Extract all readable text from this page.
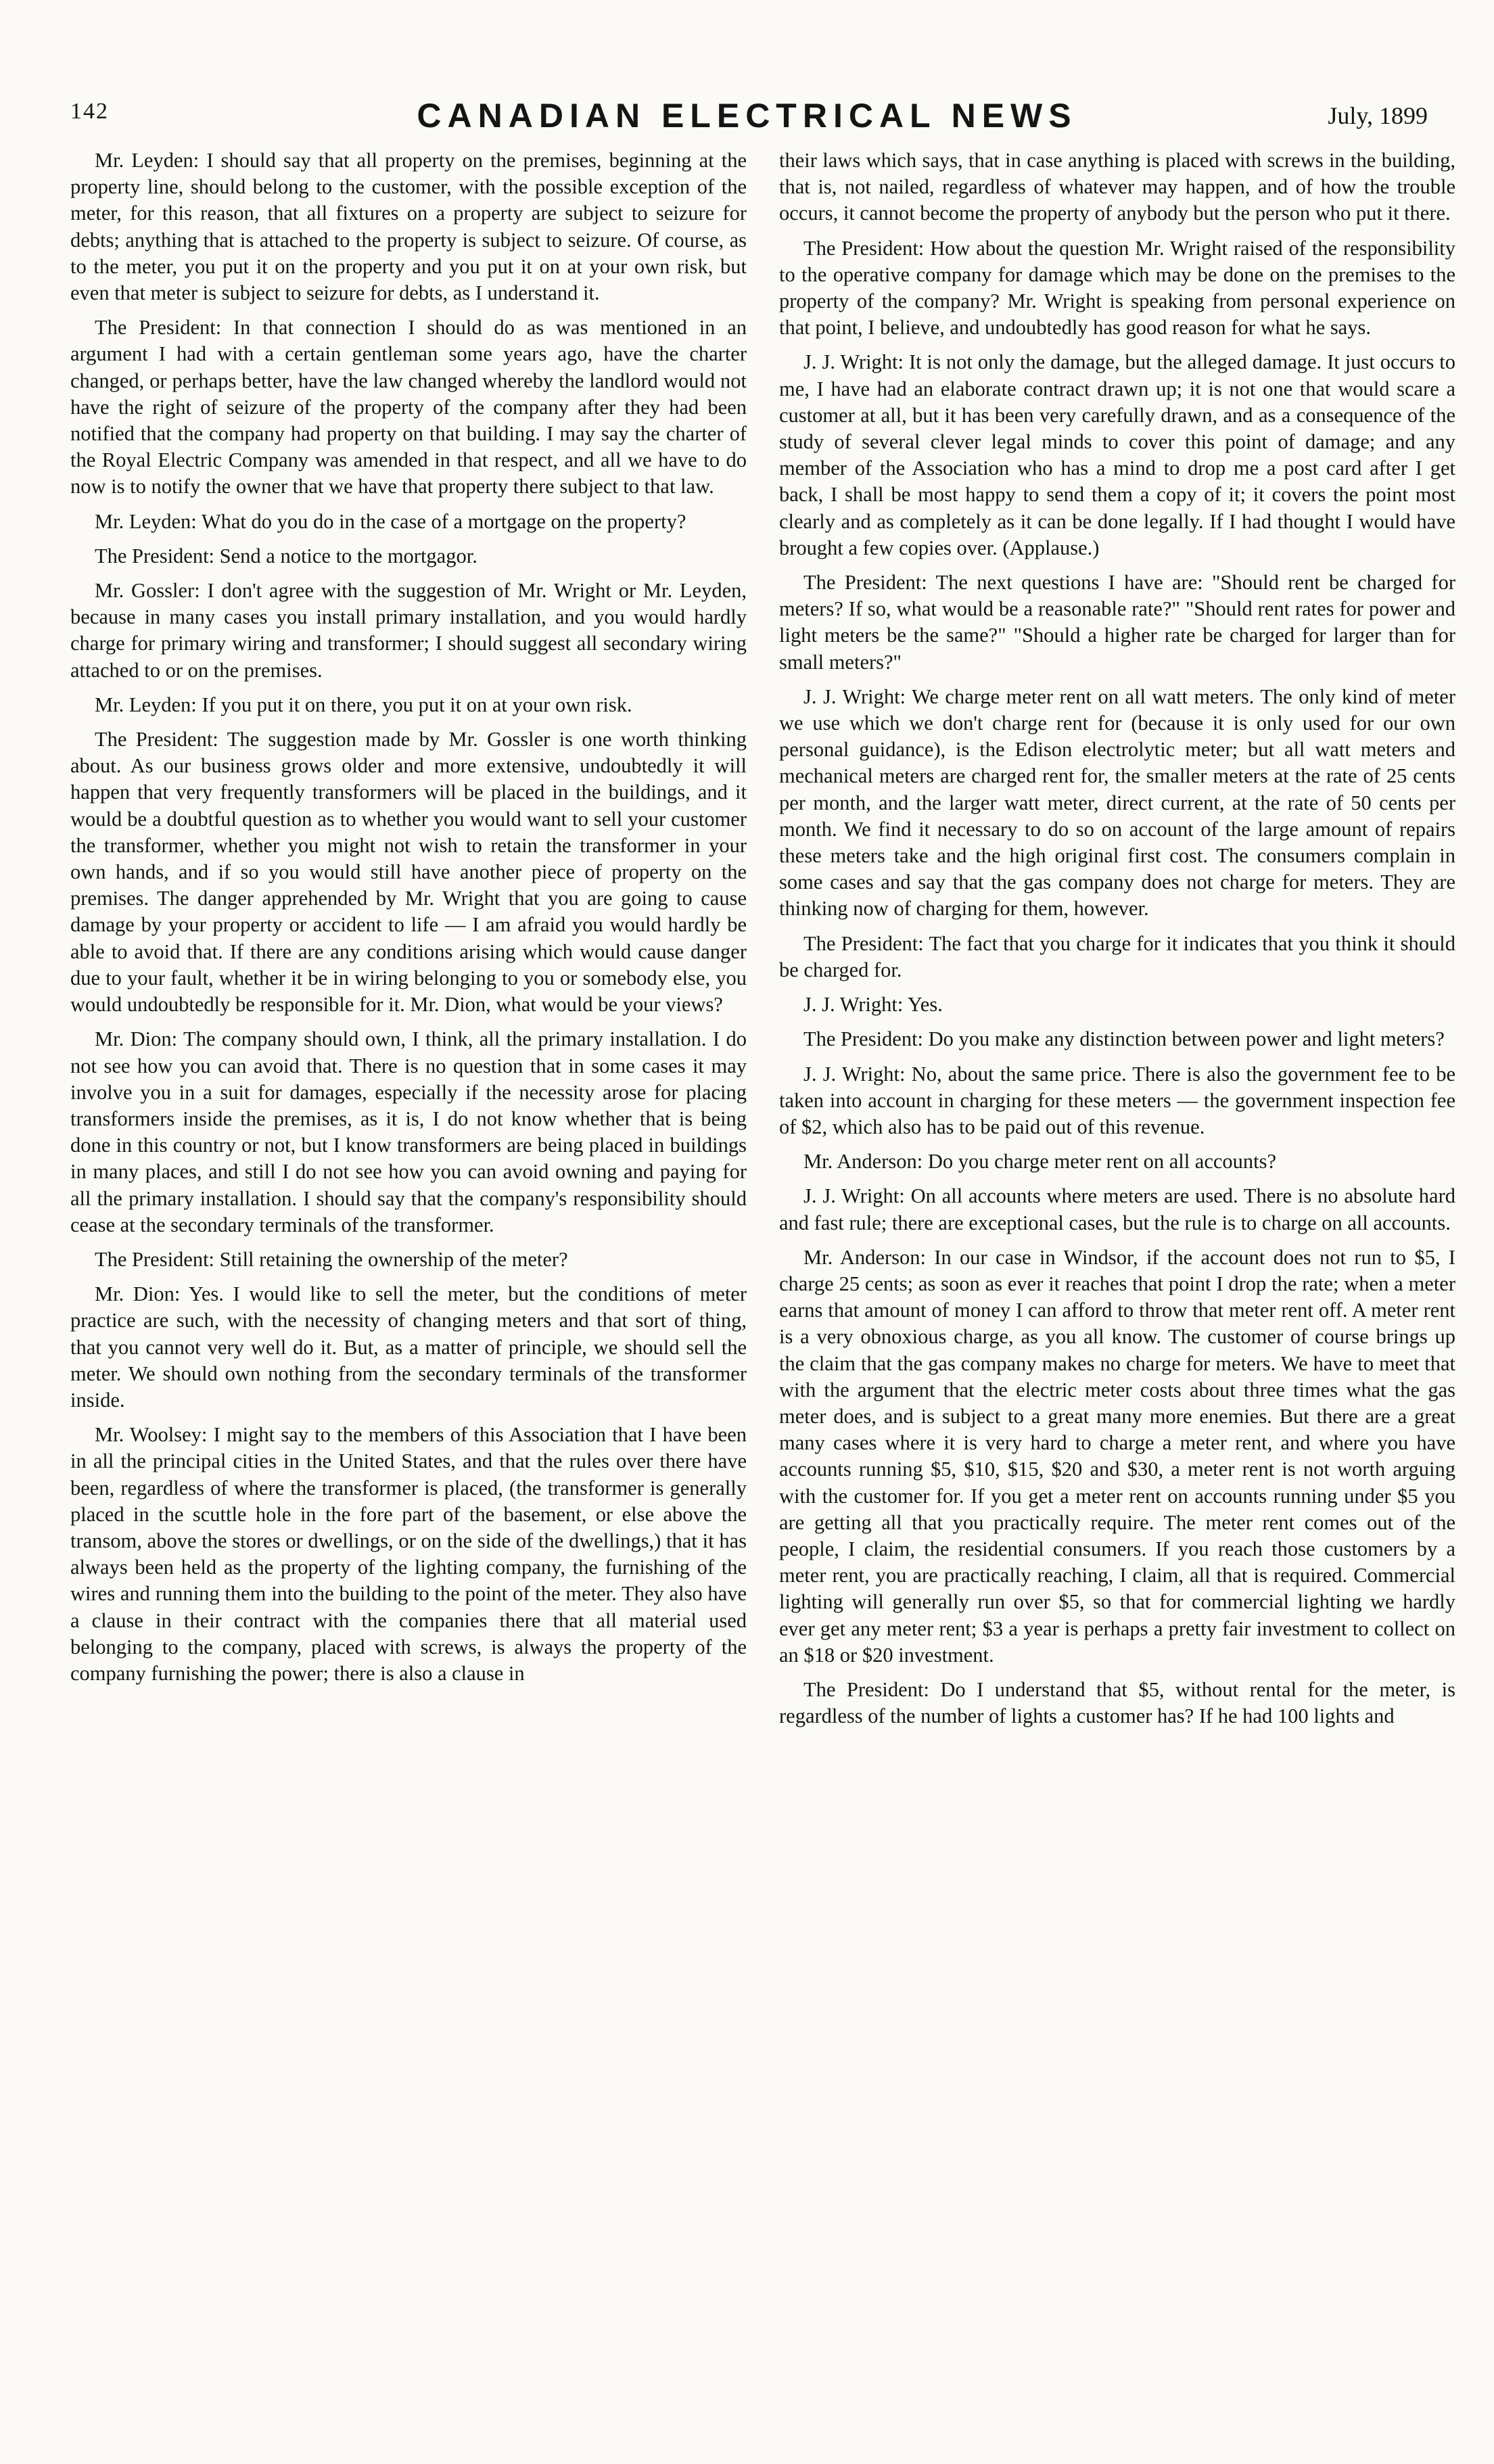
142	CANADIAN ELECTRICAL NEWS	July, 1899

Mr. Leyden: I should say that all property on the premises, beginning at the property line, should belong to the customer, with the possible exception of the meter, for this reason, that all fixtures on a property are subject to seizure for debts; anything that is attached to the property is subject to seizure. Of course, as to the meter, you put it on the property and you put it on at your own risk, but even that meter is subject to seizure for debts, as I understand it.

The President: In that connection I should do as was mentioned in an argument I had with a certain gentleman some years ago, have the charter changed, or perhaps better, have the law changed whereby the landlord would not have the right of seizure of the property of the company after they had been notified that the company had property on that building. I may say the charter of the Royal Electric Company was amended in that respect, and all we have to do now is to notify the owner that we have that property there subject to that law.

Mr. Leyden: What do you do in the case of a mortgage on the property?

The President: Send a notice to the mortgagor.

Mr. Gossler: I don't agree with the suggestion of Mr. Wright or Mr. Leyden, because in many cases you install primary installation, and you would hardly charge for primary wiring and transformer; I should suggest all secondary wiring attached to or on the premises.

Mr. Leyden: If you put it on there, you put it on at your own risk.

The President: The suggestion made by Mr. Gossler is one worth thinking about. As our business grows older and more extensive, undoubtedly it will happen that very frequently transformers will be placed in the buildings, and it would be a doubtful question as to whether you would want to sell your customer the transformer, whether you might not wish to retain the transformer in your own hands, and if so you would still have another piece of property on the premises. The danger apprehended by Mr. Wright that you are going to cause damage by your property or accident to life — I am afraid you would hardly be able to avoid that. If there are any conditions arising which would cause danger due to your fault, whether it be in wiring belonging to you or somebody else, you would undoubtedly be responsible for it. Mr. Dion, what would be your views?

Mr. Dion: The company should own, I think, all the primary installation. I do not see how you can avoid that. There is no question that in some cases it may involve you in a suit for damages, especially if the necessity arose for placing transformers inside the premises, as it is, I do not know whether that is being done in this country or not, but I know transformers are being placed in buildings in many places, and still I do not see how you can avoid owning and paying for all the primary installation. I should say that the company's responsibility should cease at the secondary terminals of the transformer.

The President: Still retaining the ownership of the meter?

Mr. Dion: Yes. I would like to sell the meter, but the conditions of meter practice are such, with the necessity of changing meters and that sort of thing, that you cannot very well do it. But, as a matter of principle, we should sell the meter. We should own nothing from the secondary terminals of the transformer inside.

Mr. Woolsey: I might say to the members of this Association that I have been in all the principal cities in the United States, and that the rules over there have been, regardless of where the transformer is placed, (the transformer is generally placed in the scuttle hole in the fore part of the basement, or else above the transom, above the stores or dwellings, or on the side of the dwellings,) that it has always been held as the property of the lighting company, the furnishing of the wires and running them into the building to the point of the meter. They also have a clause in their contract with the companies there that all material used belonging to the company, placed with screws, is always the property of the company furnishing the power; there is also a clause in

their laws which says, that in case anything is placed with screws in the building, that is, not nailed, regardless of whatever may happen, and of how the trouble occurs, it cannot become the property of anybody but the person who put it there.

The President: How about the question Mr. Wright raised of the responsibility to the operative company for damage which may be done on the premises to the property of the company? Mr. Wright is speaking from personal experience on that point, I believe, and undoubtedly has good reason for what he says.

J. J. Wright: It is not only the damage, but the alleged damage. It just occurs to me, I have had an elaborate contract drawn up; it is not one that would scare a customer at all, but it has been very carefully drawn, and as a consequence of the study of several clever legal minds to cover this point of damage; and any member of the Association who has a mind to drop me a post card after I get back, I shall be most happy to send them a copy of it; it covers the point most clearly and as completely as it can be done legally. If I had thought I would have brought a few copies over. (Applause.)

The President: The next questions I have are: "Should rent be charged for meters? If so, what would be a reasonable rate?" "Should rent rates for power and light meters be the same?" "Should a higher rate be charged for larger than for small meters?"

J. J. Wright: We charge meter rent on all watt meters. The only kind of meter we use which we don't charge rent for (because it is only used for our own personal guidance), is the Edison electrolytic meter; but all watt meters and mechanical meters are charged rent for, the smaller meters at the rate of 25 cents per month, and the larger watt meter, direct current, at the rate of 50 cents per month. We find it necessary to do so on account of the large amount of repairs these meters take and the high original first cost. The consumers complain in some cases and say that the gas company does not charge for meters. They are thinking now of charging for them, however.

The President: The fact that you charge for it indicates that you think it should be charged for.

J. J. Wright: Yes.

The President: Do you make any distinction between power and light meters?

J. J. Wright: No, about the same price. There is also the government fee to be taken into account in charging for these meters — the government inspection fee of $2, which also has to be paid out of this revenue.

Mr. Anderson: Do you charge meter rent on all accounts?

J. J. Wright: On all accounts where meters are used. There is no absolute hard and fast rule; there are exceptional cases, but the rule is to charge on all accounts.

Mr. Anderson: In our case in Windsor, if the account does not run to $5, I charge 25 cents; as soon as ever it reaches that point I drop the rate; when a meter earns that amount of money I can afford to throw that meter rent off. A meter rent is a very obnoxious charge, as you all know. The customer of course brings up the claim that the gas company makes no charge for meters. We have to meet that with the argument that the electric meter costs about three times what the gas meter does, and is subject to a great many more enemies. But there are a great many cases where it is very hard to charge a meter rent, and where you have accounts running $5, $10, $15, $20 and $30, a meter rent is not worth arguing with the customer for. If you get a meter rent on accounts running under $5 you are getting all that you practically require. The meter rent comes out of the people, I claim, the residential consumers. If you reach those customers by a meter rent, you are practically reaching, I claim, all that is required. Commercial lighting will generally run over $5, so that for commercial lighting we hardly ever get any meter rent; $3 a year is perhaps a pretty fair investment to collect on an $18 or $20 investment.

The President: Do I understand that $5, without rental for the meter, is regardless of the number of lights a customer has? If he had 100 lights and
